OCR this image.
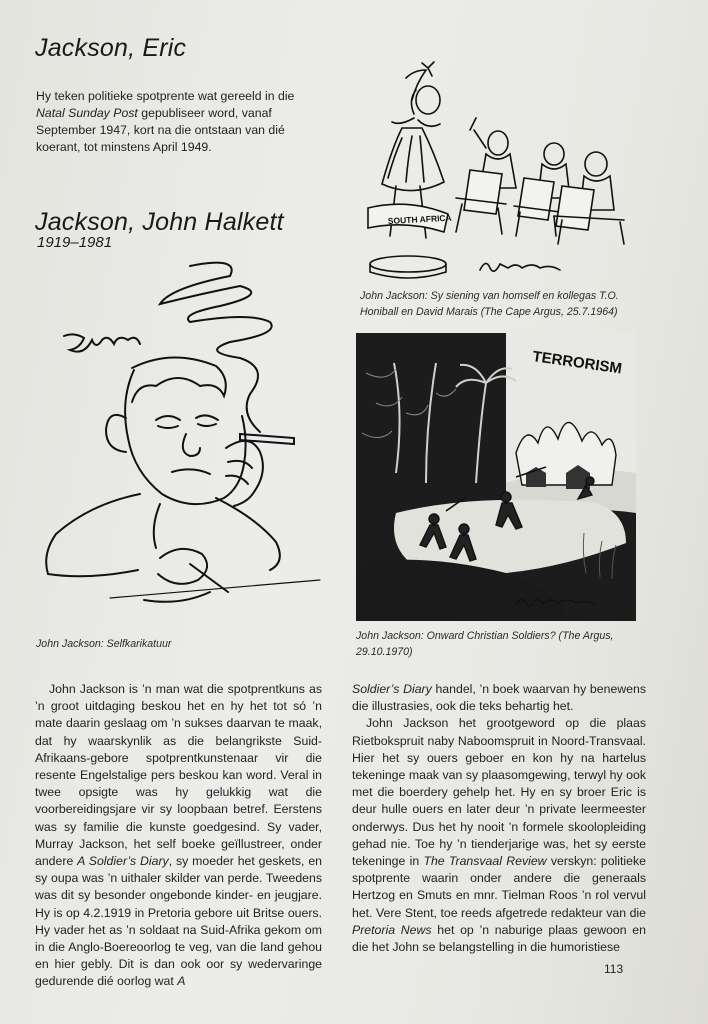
Jackson, Eric
Hy teken politieke spotprente wat gereeld in die Natal Sunday Post gepubliseer word, vanaf September 1947, kort na die ontstaan van dié koerant, tot minstens April 1949.
Jackson, John Halkett
1919–1981
SOUTH AFRICA
John Jackson: Sy siening van homself en kollegas T.O. Honiball en David Marais (The Cape Argus, 25.7.1964)
John Jackson: Selfkarikatuur
TERRORISM
John Jackson: Onward Christian Soldiers? (The Argus, 29.10.1970)

John Jackson is ’n man wat die spotprentkuns as ’n groot uitdaging beskou het en hy het tot só ’n mate daarin geslaag om ’n sukses daarvan te maak, dat hy waarskynlik as die belangrikste Suid-Afrikaans-gebore spotprentkunstenaar vir die resente Engelstalige pers beskou kan word. Veral in twee opsigte was hy gelukkig wat die voorbereidingsjare vir sy loopbaan betref. Eerstens was sy familie die kunste goedgesind. Sy vader, Murray Jackson, het self boeke geïllustreer, onder andere A Soldier’s Diary, sy moeder het geskets, en sy oupa was ’n uithaler skilder van perde. Tweedens was dit sy besonder ongebonde kinder- en jeugjare. Hy is op 4.2.1919 in Pretoria gebore uit Britse ouers. Hy vader het as ’n soldaat na Suid-Afrika gekom om in die Anglo-Boereoorlog te veg, van die land gehou en hier gebly. Dit is dan ook oor sy wedervaringe gedurende dié oorlog wat A

Soldier’s Diary handel, ’n boek waarvan hy benewens die illustrasies, ook die teks behartig het.

John Jackson het grootgeword op die plaas Rietbokspruit naby Naboomspruit in Noord-Transvaal. Hier het sy ouers geboer en kon hy na hartelus tekeninge maak van sy plaasomgewing, terwyl hy ook met die boerdery gehelp het. Hy en sy broer Eric is deur hulle ouers en later deur ’n private leermeester onderwys. Dus het hy nooit ’n formele skoolopleiding gehad nie. Toe hy ’n tienderjarige was, het sy eerste tekeninge in The Transvaal Review verskyn: politieke spotprente waarin onder andere die generaals Hertzog en Smuts en mnr. Tielman Roos ’n rol vervul het. Vere Stent, toe reeds afgetrede redakteur van die Pretoria News het op ’n naburige plaas gewoon en die het John se belangstelling in die humoristiese

113
